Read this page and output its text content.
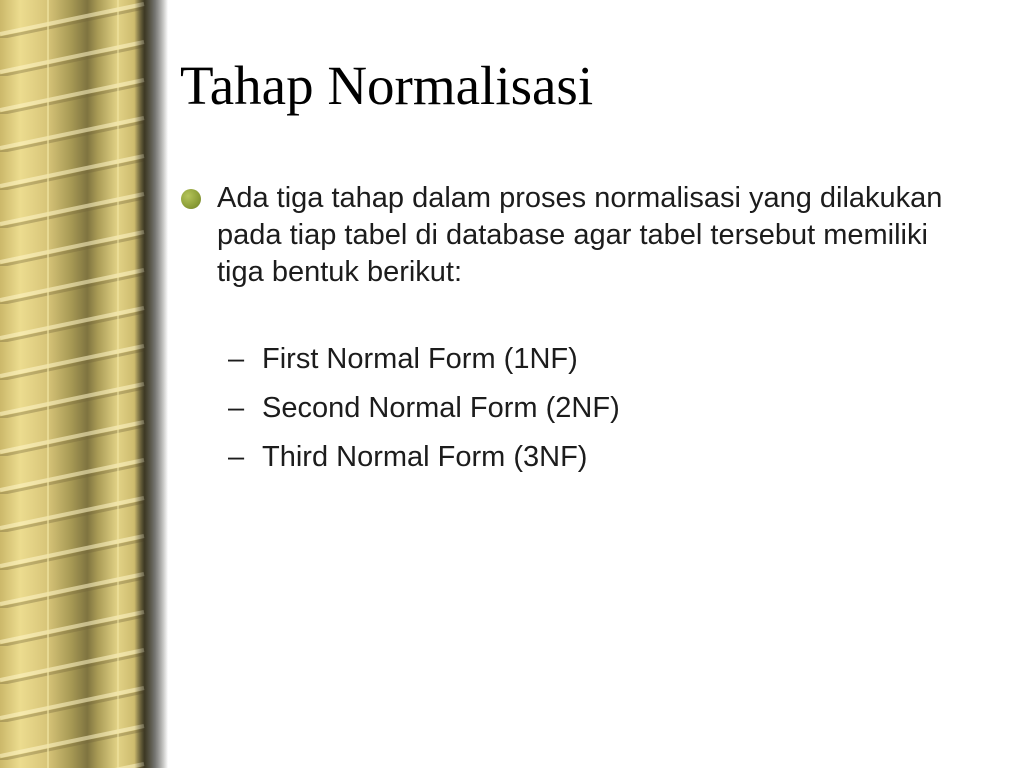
Tahap Normalisasi
Ada tiga tahap dalam proses normalisasi yang dilakukan pada tiap tabel di database agar tabel tersebut memiliki tiga bentuk berikut:
– First Normal Form (1NF)
– Second Normal Form (2NF)
– Third Normal Form (3NF)
